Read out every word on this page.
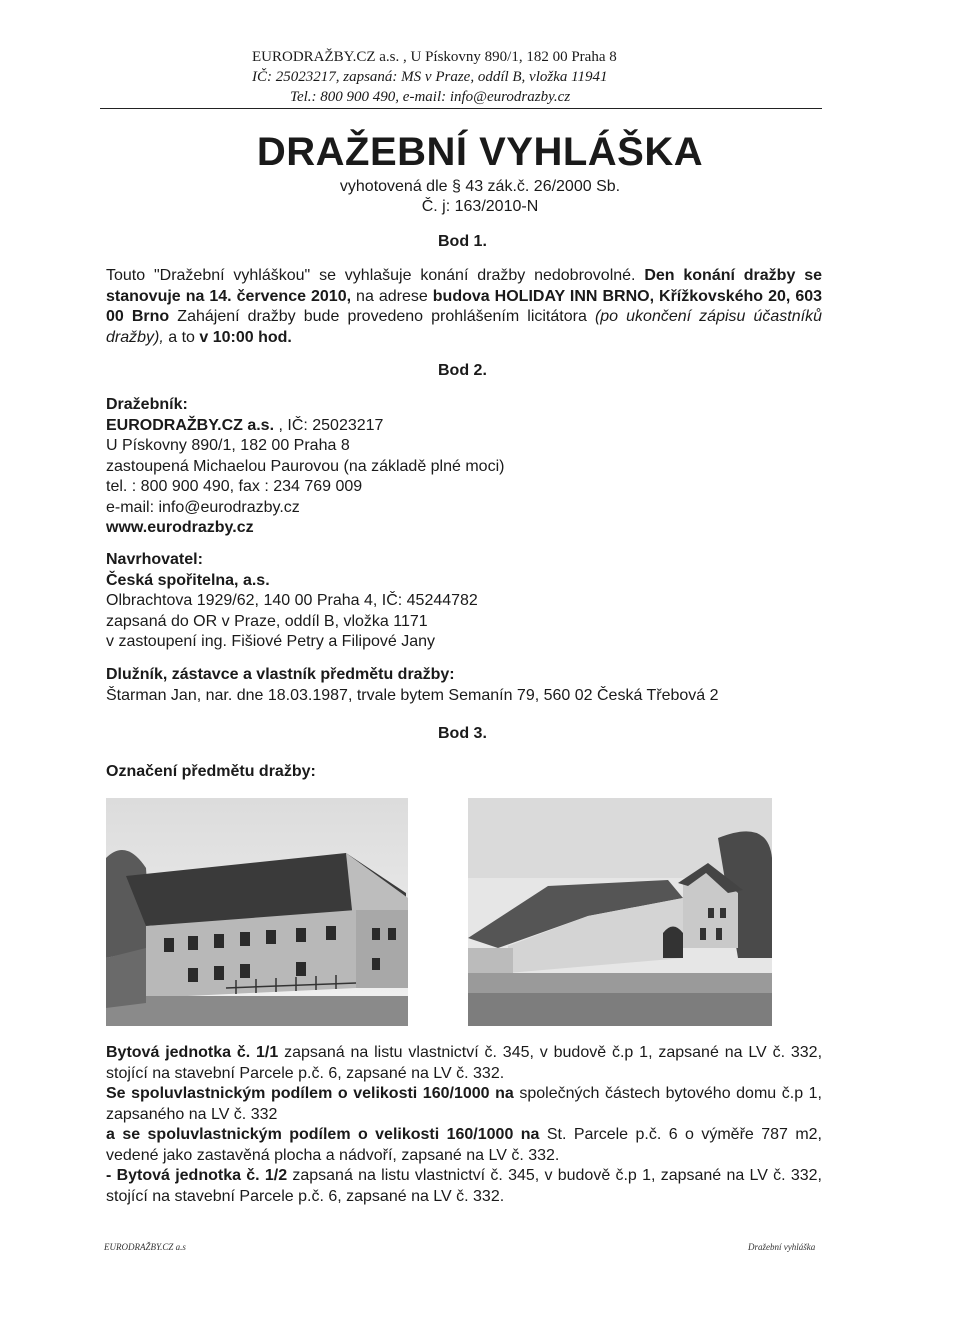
EURODRAŽBY.CZ a.s. , U Pískovny 890/1, 182 00 Praha 8
IČ: 25023217, zapsaná: MS v Praze, oddíl B, vložka 11941
Tel.: 800 900 490, e-mail: info@eurodrazby.cz
DRAŽEBNÍ VYHLÁŠKA
vyhotovená dle § 43 zák.č. 26/2000 Sb.
Č. j: 163/2010-N
Bod 1.
Touto "Dražební vyhláškou" se vyhlašuje konání dražby nedobrovolné. Den konání dražby se stanovuje na 14. července 2010, na adrese budova HOLIDAY INN BRNO, Křížkovského 20, 603 00 Brno Zahájení dražby bude provedeno prohlášením licitátora (po ukončení zápisu účastníků dražby), a to v 10:00 hod.
Bod 2.
Dražebník:
EURODRAŽBY.CZ a.s. , IČ: 25023217
U Pískovny 890/1, 182 00 Praha 8
zastoupená Michaelou Paurovou (na základě plné moci)
tel. : 800 900 490, fax : 234 769 009
e-mail: info@eurodrazby.cz
www.eurodrazby.cz
Navrhovatel:
Česká spořitelna, a.s.
Olbrachtova 1929/62, 140 00 Praha 4, IČ: 45244782
zapsaná do OR v Praze, oddíl B, vložka 1171
v zastoupení ing. Fišiové Petry a Filipové Jany
Dlužník, zástavce a vlastník předmětu dražby:
Štarman Jan, nar. dne 18.03.1987, trvale bytem Semanín 79, 560 02 Česká Třebová 2
Bod 3.
Označení předmětu dražby:
Bytová jednotka č. 1/1 zapsaná na listu vlastnictví č. 345, v budově č.p 1, zapsané na LV č. 332, stojící na stavební Parcele p.č. 6, zapsané na LV č. 332.
Se spoluvlastnickým podílem o velikosti 160/1000 na společných částech bytového domu č.p 1, zapsaného na LV č. 332
a se spoluvlastnickým podílem o velikosti 160/1000 na St. Parcele p.č. 6 o výměře 787 m2, vedené jako zastavěná plocha a nádvoří, zapsané na LV č. 332.
- Bytová jednotka č. 1/2 zapsaná na listu vlastnictví č. 345, v budově č.p 1, zapsané na LV č. 332, stojící na stavební Parcele p.č. 6, zapsané na LV č. 332.
EURODRAŽBY.CZ a.s	Dražební vyhláška
